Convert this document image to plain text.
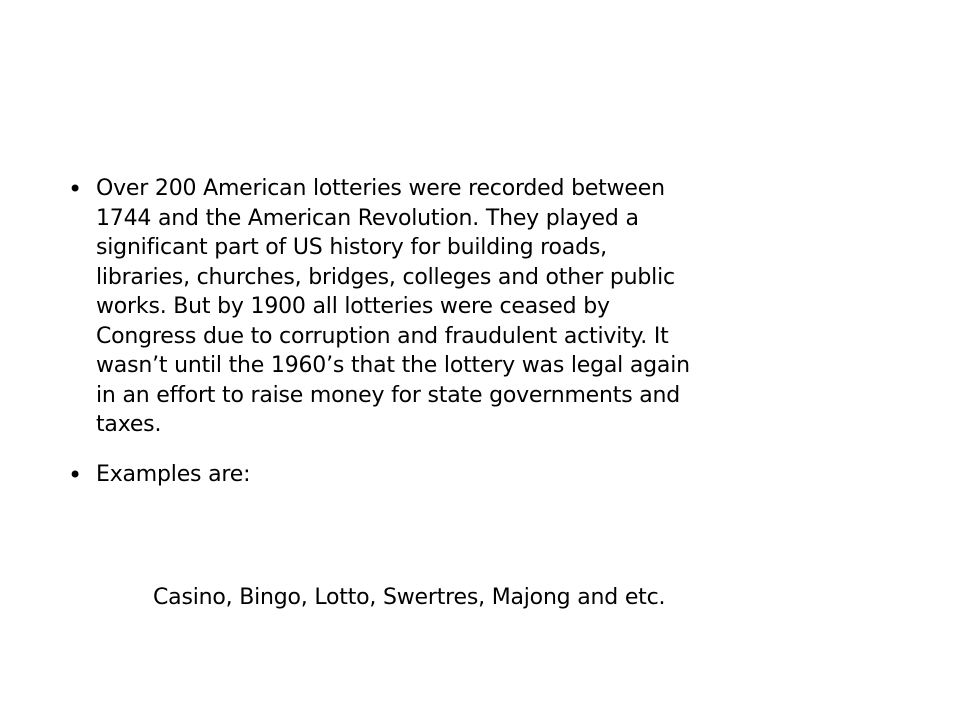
• Over 200 American lotteries were recorded between
1744 and the American Revolution. They played a
significant part of US history for building roads,
libraries, churches, bridges, colleges and other public
works. But by 1900 all lotteries were ceased by
Congress due to corruption and fraudulent activity. It
wasn’t until the 1960’s that the lottery was legal again
in an effort to raise money for state governments and
taxes.
• Examples are:
Casino, Bingo, Lotto, Swertres, Majong and etc.
